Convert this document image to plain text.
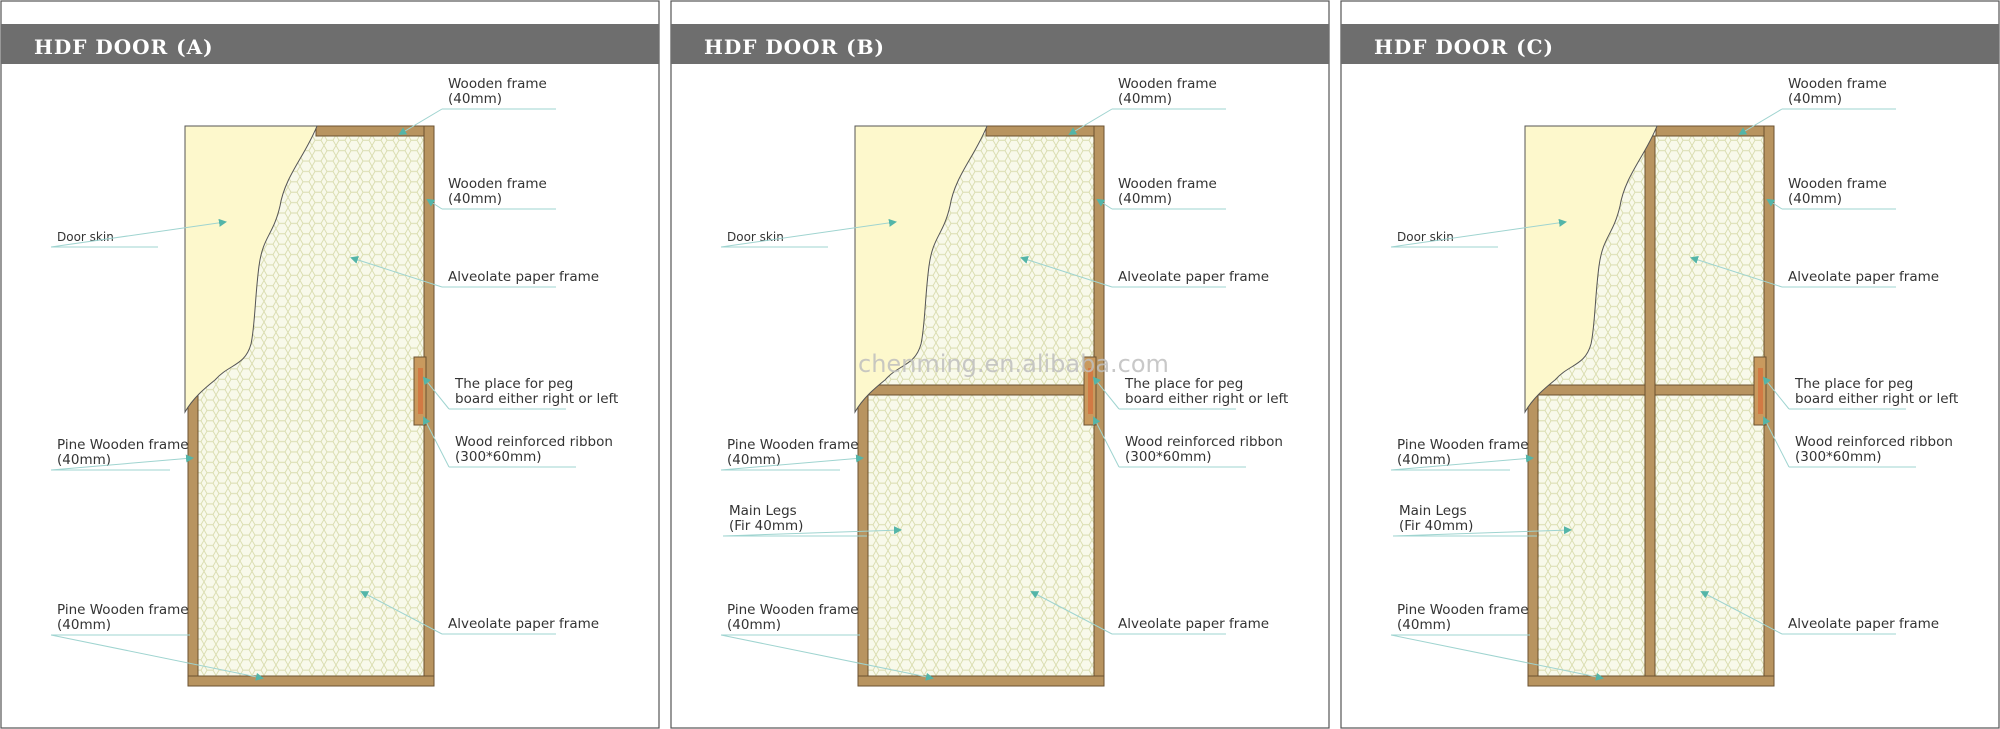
HDF DOOR (A)
Wooden frame
(40mm)
Wooden frame
(40mm)
Alveolate paper frame
The place for peg
board either right or left
Wood reinforced ribbon
(300*60mm)
Alveolate paper frame
Door skin
Pine Wooden frame
(40mm)
Pine Wooden frame
(40mm)
HDF DOOR (B)
Wooden frame
(40mm)
Wooden frame
(40mm)
Alveolate paper frame
The place for peg
board either right or left
Wood reinforced ribbon
(300*60mm)
Alveolate paper frame
Door skin
Pine Wooden frame
(40mm)
Main Legs
(Fir 40mm)
Pine Wooden frame
(40mm)
HDF DOOR (C)
Wooden frame
(40mm)
Wooden frame
(40mm)
Alveolate paper frame
The place for peg
board either right or left
Wood reinforced ribbon
(300*60mm)
Alveolate paper frame
Door skin
Pine Wooden frame
(40mm)
Main Legs
(Fir 40mm)
Pine Wooden frame
(40mm)
chenming.en.alibaba.com
